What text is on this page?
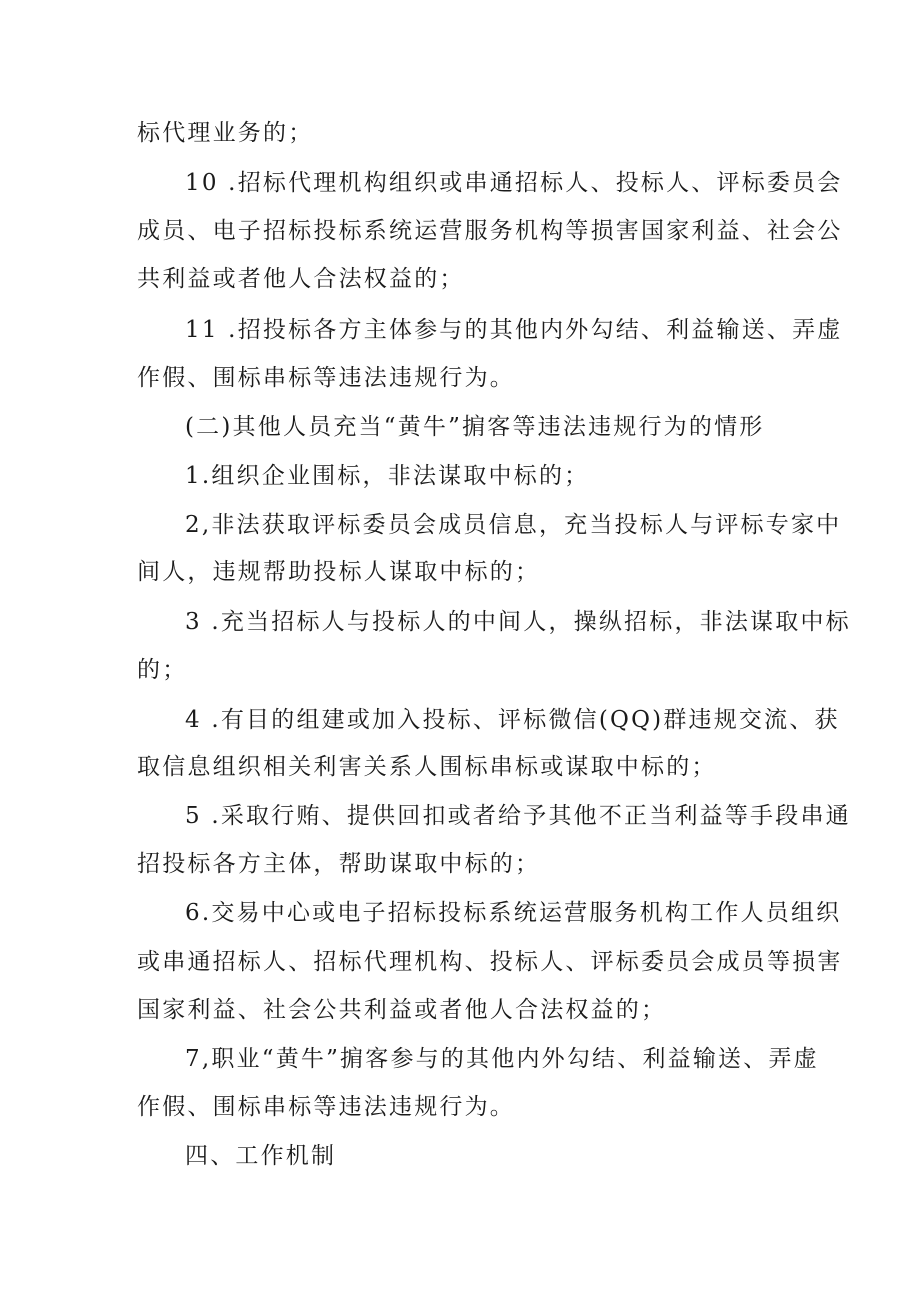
标代理业务的；
10 .招标代理机构组织或串通招标人、投标人、评标委员会
成员、电子招标投标系统运营服务机构等损害国家利益、社会公
共利益或者他人合法权益的；
11 .招投标各方主体参与的其他内外勾结、利益输送、弄虚
作假、围标串标等违法违规行为。
(二)其他人员充当“黄牛”掮客等违法违规行为的情形
1.组织企业围标，非法谋取中标的；
2,非法获取评标委员会成员信息，充当投标人与评标专家中
间人，违规帮助投标人谋取中标的；
3 .充当招标人与投标人的中间人，操纵招标，非法谋取中标
的；
4 .有目的组建或加入投标、评标微信(QQ)群违规交流、获
取信息组织相关利害关系人围标串标或谋取中标的；
5 .采取行贿、提供回扣或者给予其他不正当利益等手段串通
招投标各方主体，帮助谋取中标的；
6.交易中心或电子招标投标系统运营服务机构工作人员组织
或串通招标人、招标代理机构、投标人、评标委员会成员等损害
国家利益、社会公共利益或者他人合法权益的；
7,职业“黄牛”掮客参与的其他内外勾结、利益输送、弄虚
作假、围标串标等违法违规行为。
四、工作机制
